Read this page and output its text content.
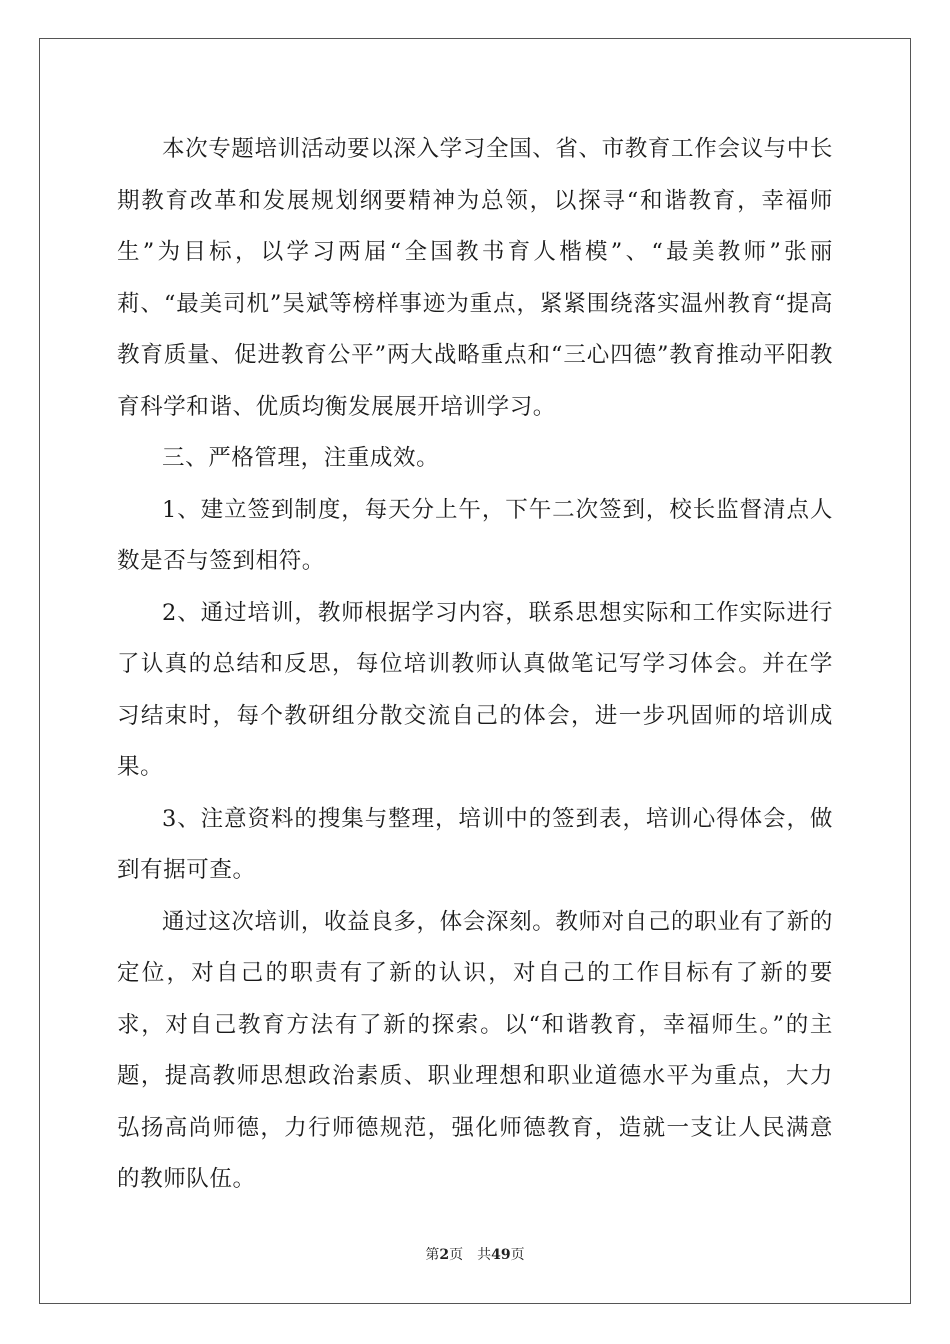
本次专题培训活动要以深入学习全国、省、市教育工作会议与中长期教育改革和发展规划纲要精神为总领，以探寻“和谐教育，幸福师生”为目标，以学习两届“全国教书育人楷模”、“最美教师”张丽莉、“最美司机”吴斌等榜样事迹为重点，紧紧围绕落实温州教育“提高教育质量、促进教育公平”两大战略重点和“三心四德”教育推动平阳教育科学和谐、优质均衡发展展开培训学习。

三、严格管理，注重成效。

1、建立签到制度，每天分上午，下午二次签到，校长监督清点人数是否与签到相符。

2、通过培训，教师根据学习内容，联系思想实际和工作实际进行了认真的总结和反思，每位培训教师认真做笔记写学习体会。并在学习结束时，每个教研组分散交流自己的体会，进一步巩固师的培训成果。

3、注意资料的搜集与整理，培训中的签到表，培训心得体会，做到有据可查。

通过这次培训，收益良多，体会深刻。教师对自己的职业有了新的定位，对自己的职责有了新的认识，对自己的工作目标有了新的要求，对自己教育方法有了新的探索。以“和谐教育，幸福师生。”的主题，提高教师思想政治素质、职业理想和职业道德水平为重点，大力弘扬高尚师德，力行师德规范，强化师德教育，造就一支让人民满意的教师队伍。

第2页 共49页
